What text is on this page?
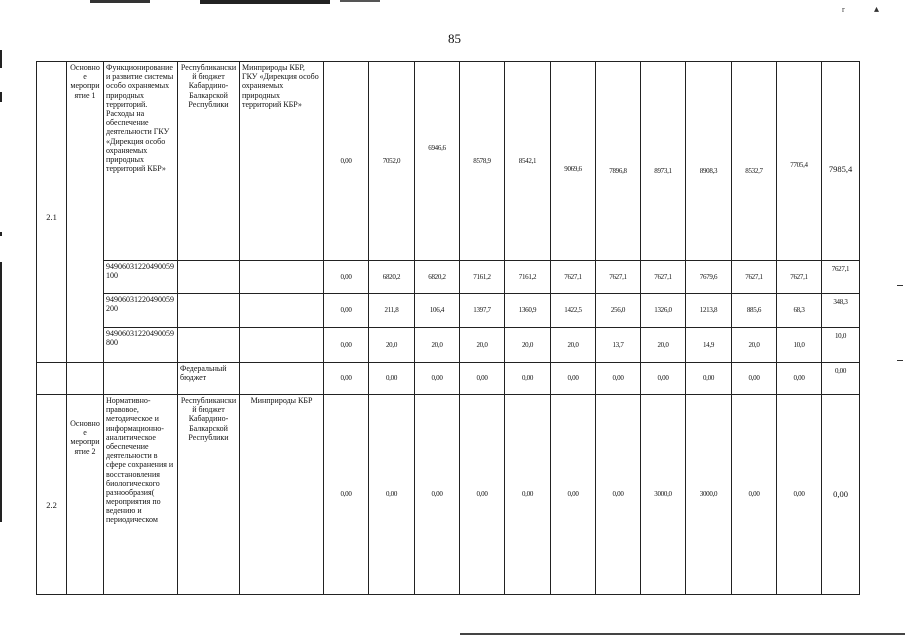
85
r	▴
2.1	Основное мероприятие 1	Функционирование и развитие системы особо охраняемых природных территорий. Расходы на обеспечение деятельности ГКУ «Дирекция особо охраняемых природных территорий КБР»	Республиканский бюджет Кабардино-Балкарской Республики	Минприроды КБР, ГКУ «Дирекция особо охраняемых природных территорий КБР»	0,00	7052,0	6946,6	8578,9	8542,1	9069,6	7896,8	8973,1	8908,3	8532,7	7705,4	7985,4
		94906031220490059100			0,00	6820,2	6820,2	7161,2	7161,2	7627,1	7627,1	7627,1	7679,6	7627,1	7627,1	7627,1
		94906031220490059200			0,00	211,8	106,4	1397,7	1360,9	1422,5	256,0	1326,0	1213,8	885,6	68,3	348,3
		94906031220490059800			0,00	20,0	20,0	20,0	20,0	20,0	13,7	20,0	14,9	20,0	10,0	10,0
			Федеральный бюджет		0,00	0,00	0,00	0,00	0,00	0,00	0,00	0,00	0,00	0,00	0,00	0,00
2.2	Основное мероприятие 2	Нормативно-правовое, методическое и информационно-аналитическое обеспечение деятельности в сфере сохранения и восстановления биологического разнообразия( мероприятия по ведению и периодическом	Республиканский бюджет Кабардино-Балкарской Республики	Минприроды КБР	0,00	0,00	0,00	0,00	0,00	0,00	0,00	3000,0	3000,0	0,00	0,00	0,00
